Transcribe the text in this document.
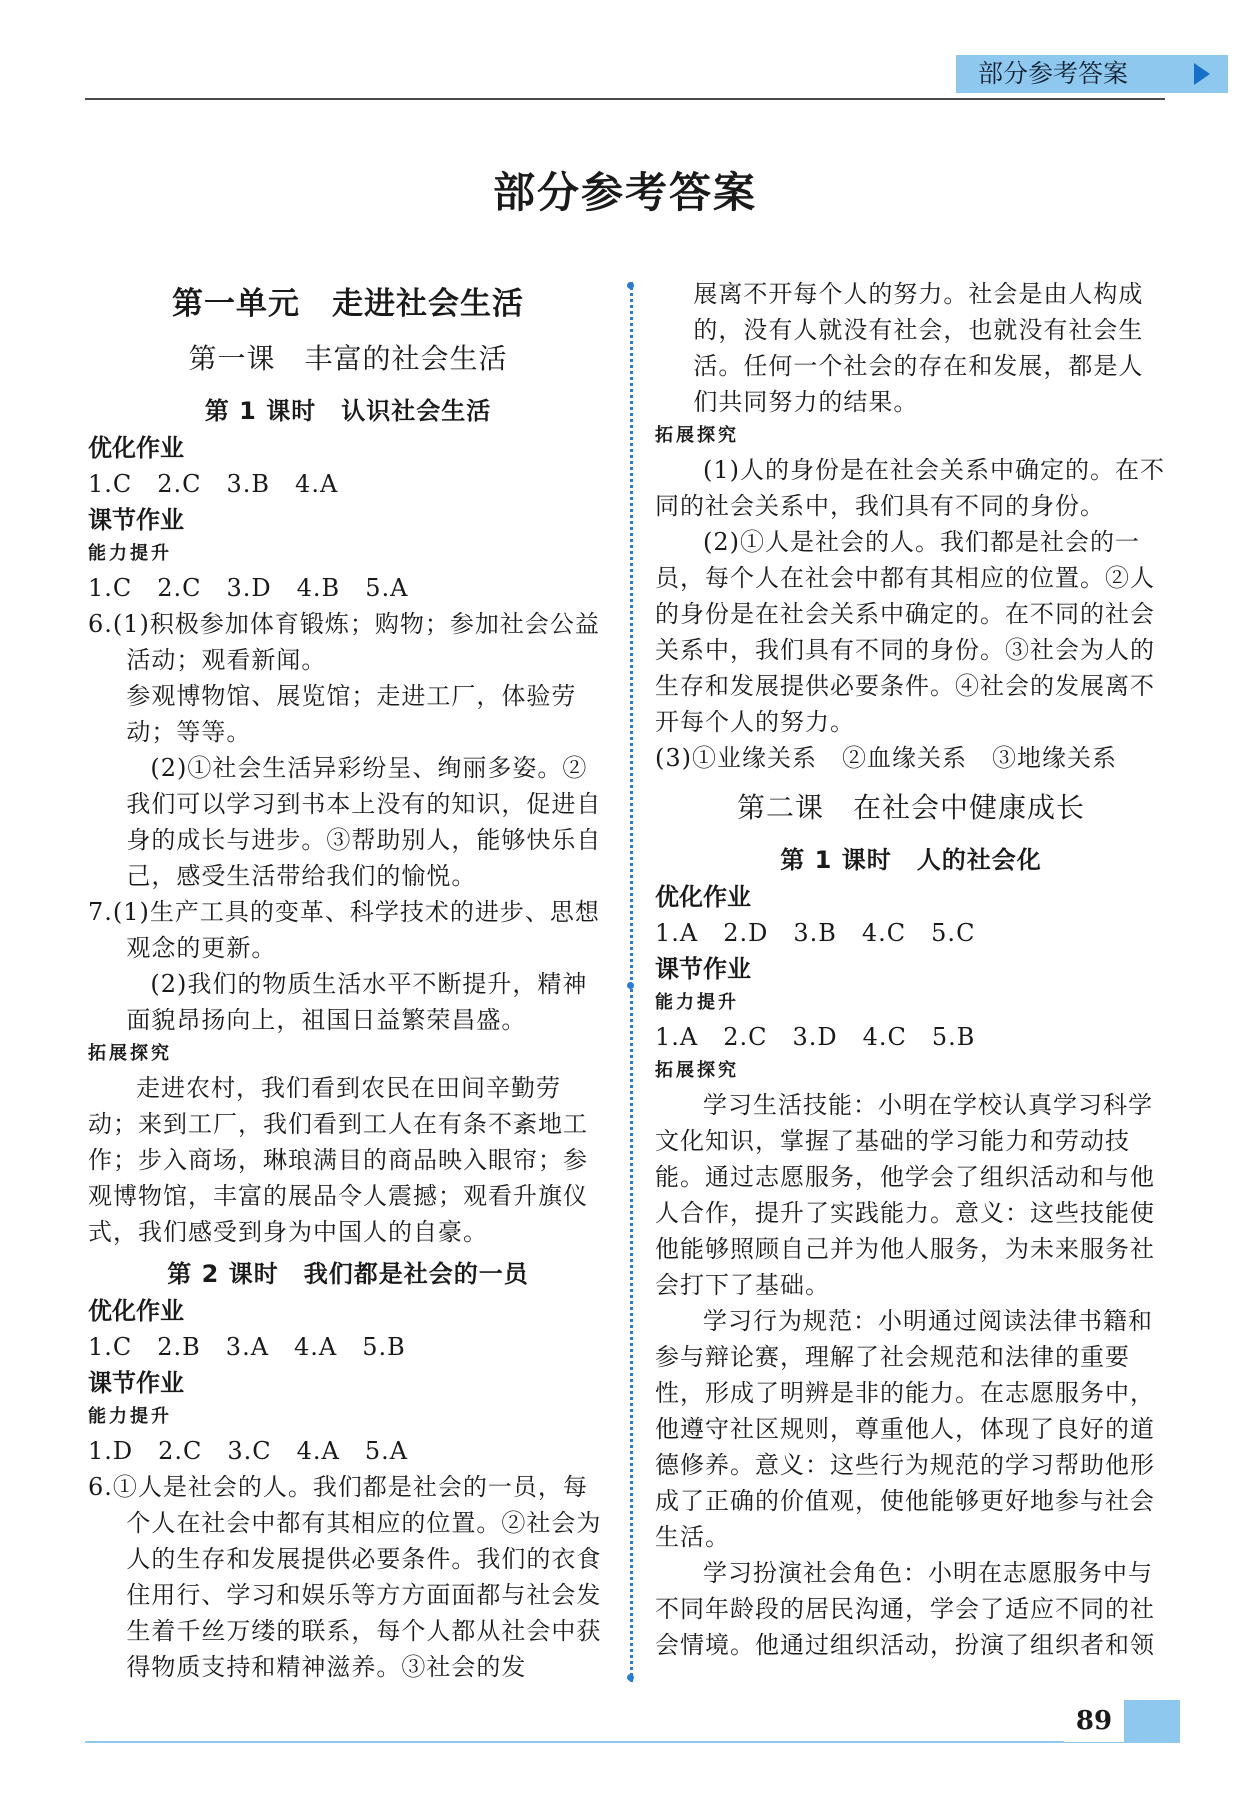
部分参考答案
部分参考答案
第一单元　走进社会生活
第一课　丰富的社会生活
第 1 课时　认识社会生活
优化作业

1.C　2.C　3.B　4.A

课节作业
能力提升

1.C　2.C　3.D　4.B　5.A

6.(1)积极参加体育锻炼；购物；参加社会公益活动；观看新闻。

参观博物馆、展览馆；走进工厂，体验劳动；等等。

(2)①社会生活异彩纷呈、绚丽多姿。②我们可以学习到书本上没有的知识，促进自身的成长与进步。③帮助别人，能够快乐自己，感受生活带给我们的愉悦。

7.(1)生产工具的变革、科学技术的进步、思想观念的更新。

(2)我们的物质生活水平不断提升，精神面貌昂扬向上，祖国日益繁荣昌盛。

拓展探究

走进农村，我们看到农民在田间辛勤劳动；来到工厂，我们看到工人在有条不紊地工作；步入商场，琳琅满目的商品映入眼帘；参观博物馆，丰富的展品令人震撼；观看升旗仪式，我们感受到身为中国人的自豪。

第 2 课时　我们都是社会的一员
优化作业

1.C　2.B　3.A　4.A　5.B

课节作业
能力提升

1.D　2.C　3.C　4.A　5.A

6.①人是社会的人。我们都是社会的一员，每个人在社会中都有其相应的位置。②社会为人的生存和发展提供必要条件。我们的衣食住用行、学习和娱乐等方方面面都与社会发生着千丝万缕的联系，每个人都从社会中获得物质支持和精神滋养。③社会的发

展离不开每个人的努力。社会是由人构成的，没有人就没有社会，也就没有社会生活。任何一个社会的存在和发展，都是人们共同努力的结果。

拓展探究

(1)人的身份是在社会关系中确定的。在不同的社会关系中，我们具有不同的身份。

(2)①人是社会的人。我们都是社会的一员，每个人在社会中都有其相应的位置。②人的身份是在社会关系中确定的。在不同的社会关系中，我们具有不同的身份。③社会为人的生存和发展提供必要条件。④社会的发展离不开每个人的努力。

(3)①业缘关系　②血缘关系　③地缘关系

第二课　在社会中健康成长
第 1 课时　人的社会化
优化作业

1.A　2.D　3.B　4.C　5.C

课节作业
能力提升

1.A　2.C　3.D　4.C　5.B

拓展探究

学习生活技能：小明在学校认真学习科学文化知识，掌握了基础的学习能力和劳动技能。通过志愿服务，他学会了组织活动和与他人合作，提升了实践能力。意义：这些技能使他能够照顾自己并为他人服务，为未来服务社会打下了基础。

学习行为规范：小明通过阅读法律书籍和参与辩论赛，理解了社会规范和法律的重要性，形成了明辨是非的能力。在志愿服务中，他遵守社区规则，尊重他人，体现了良好的道德修养。意义：这些行为规范的学习帮助他形成了正确的价值观，使他能够更好地参与社会生活。

学习扮演社会角色：小明在志愿服务中与不同年龄段的居民沟通，学会了适应不同的社会情境。他通过组织活动，扮演了组织者和领

89
